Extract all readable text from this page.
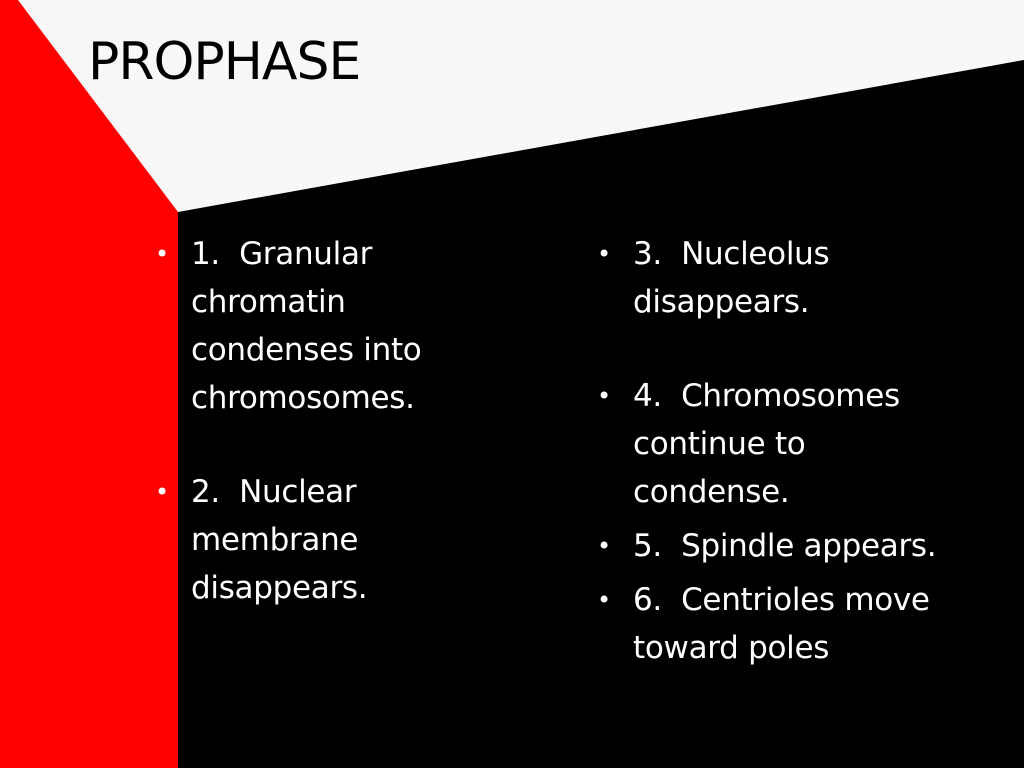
PROPHASE
• 1.  Granular
chromatin
condenses into
chromosomes.
• 2.  Nuclear
membrane
disappears.
• 3.  Nucleolus
disappears.
• 4.  Chromosomes
continue to
condense.
• 5.  Spindle appears.
• 6.  Centrioles move
toward poles
